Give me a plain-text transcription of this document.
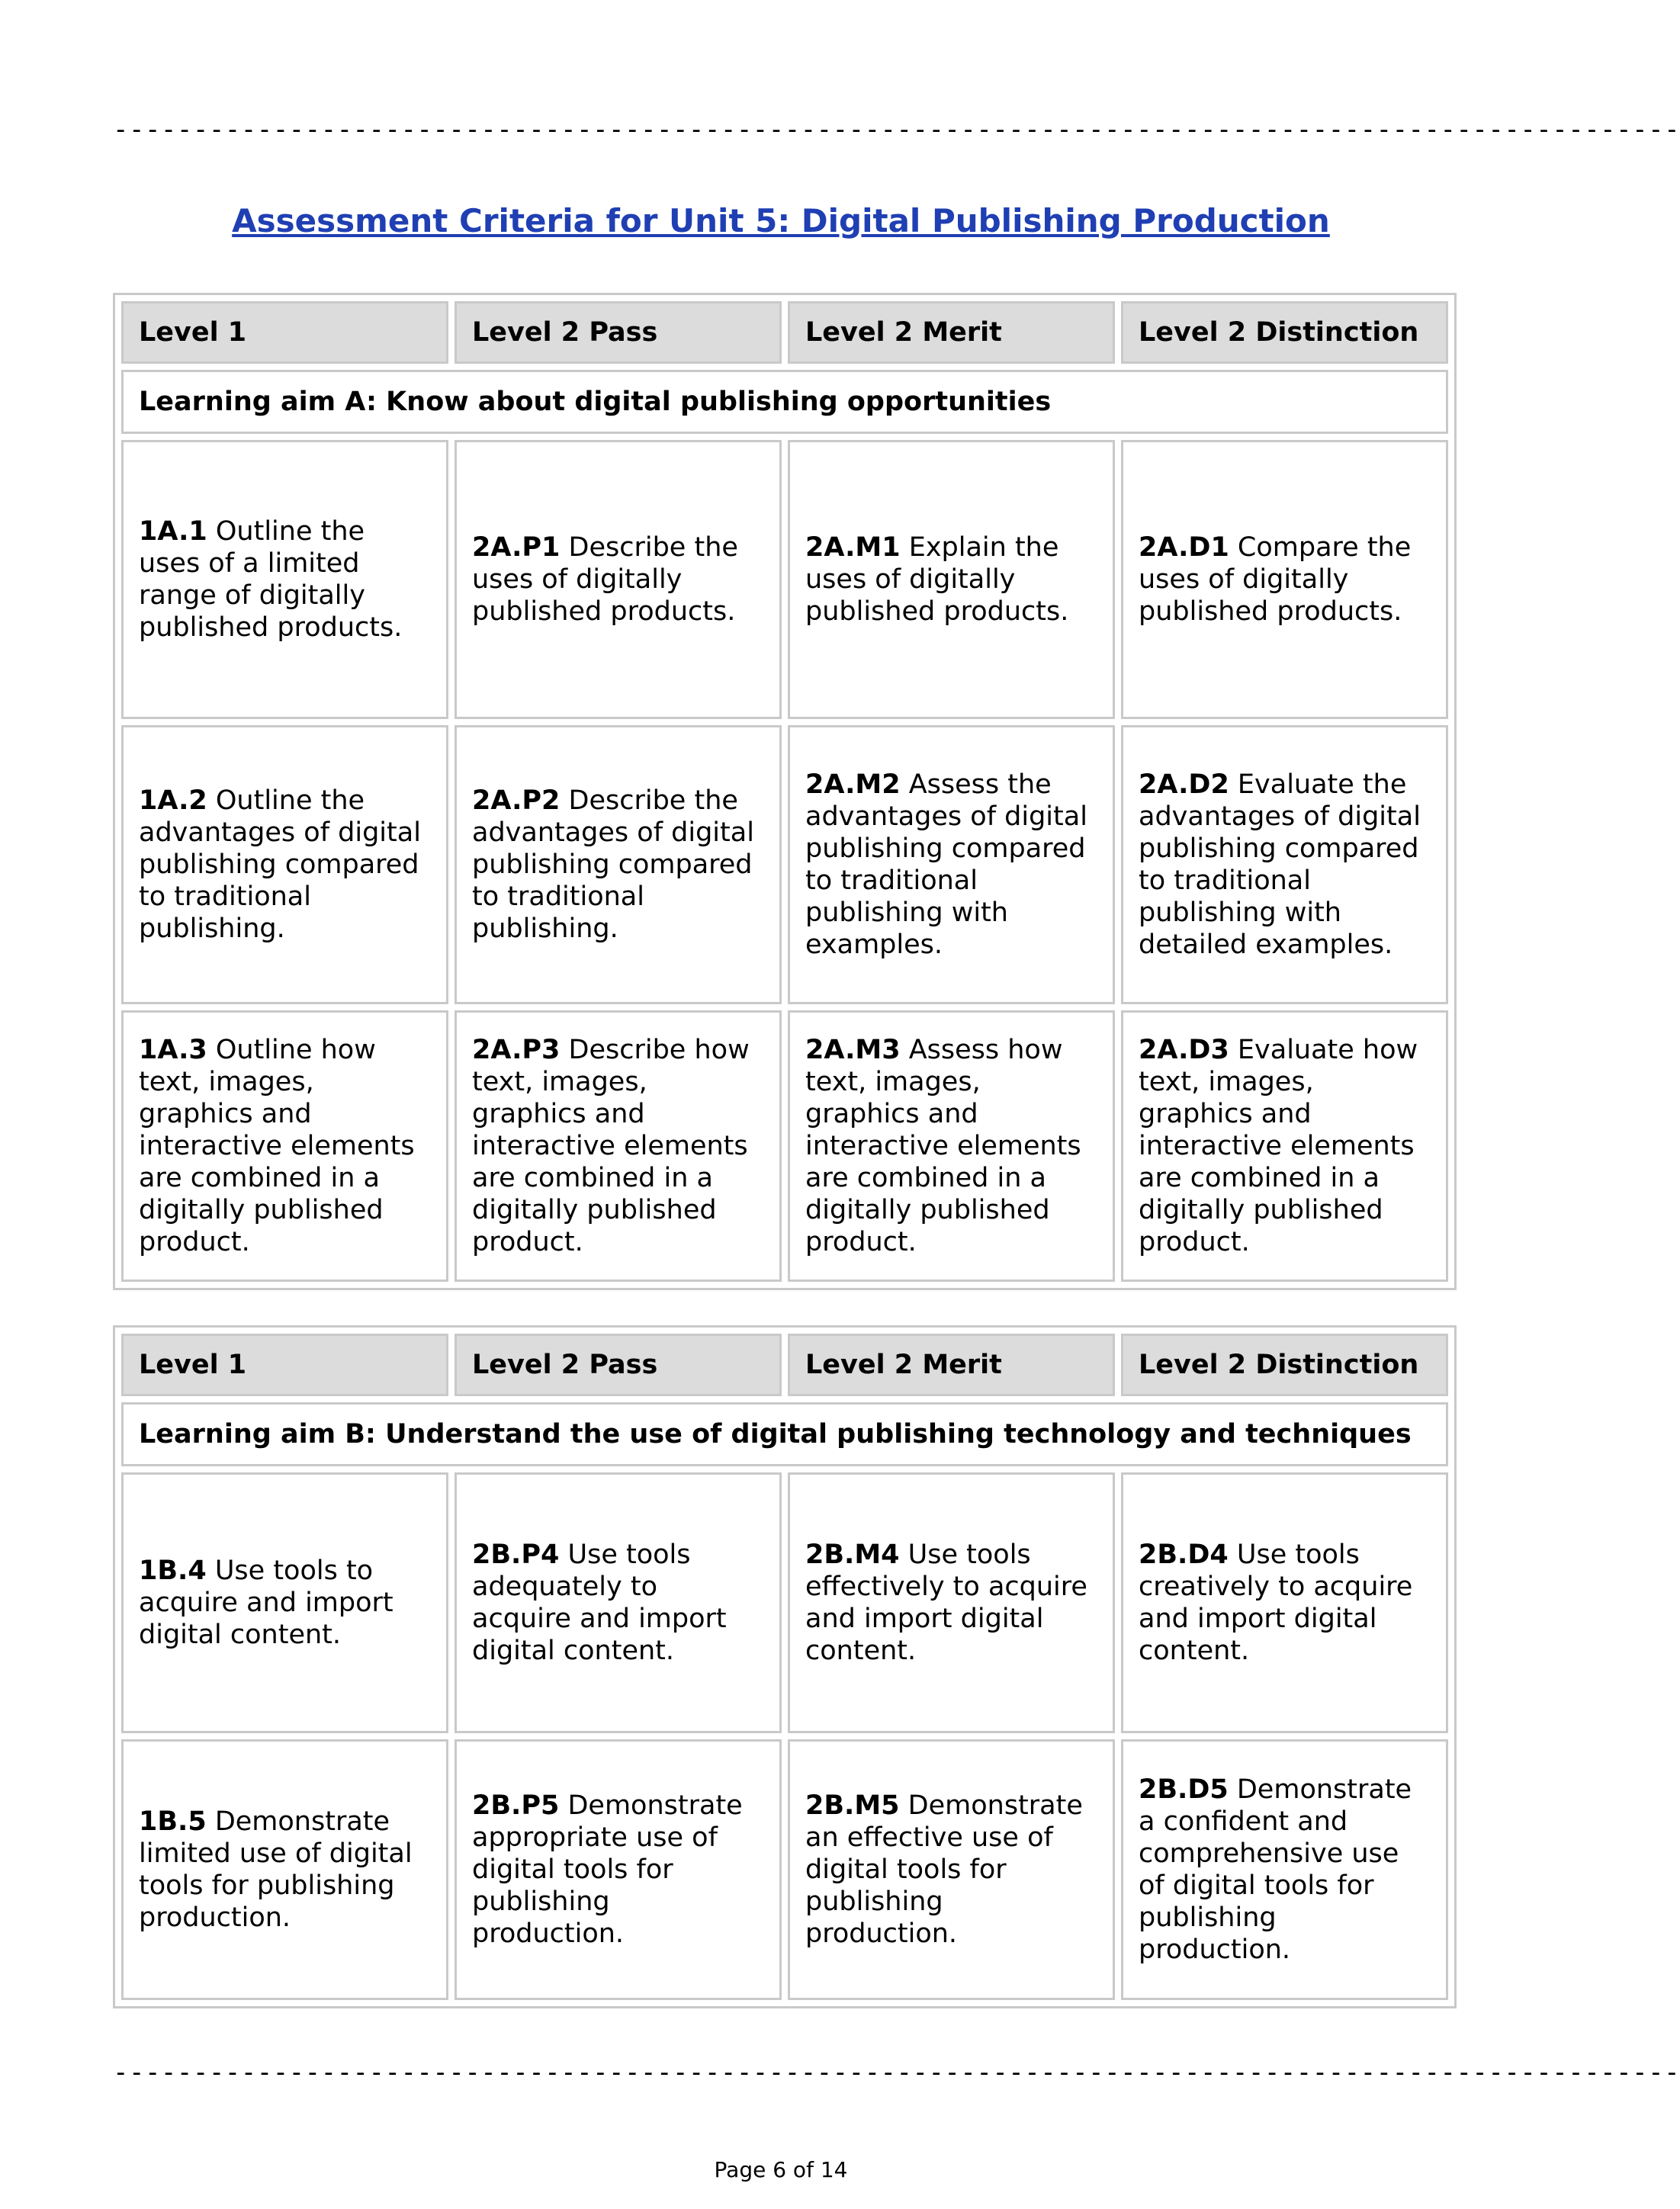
--------------------------------------------------------------------------------------------------
Assessment Criteria for Unit 5: Digital Publishing Production
Level 1	Level 2 Pass	Level 2 Merit	Level 2 Distinction
Learning aim A: Know about digital publishing opportunities			
1A.1 Outline the uses of a limited range of digitally published products.	2A.P1 Describe the uses of digitally published products.	2A.M1 Explain the uses of digitally published products.	2A.D1 Compare the uses of digitally published products.
1A.2 Outline the advantages of digital publishing compared to traditional publishing.	2A.P2 Describe the advantages of digital publishing compared to traditional publishing.	2A.M2 Assess the advantages of digital publishing compared to traditional publishing with examples.	2A.D2 Evaluate the advantages of digital publishing compared to traditional publishing with detailed examples.
1A.3 Outline how text, images, graphics and interactive elements are combined in a digitally published product.	2A.P3 Describe how text, images, graphics and interactive elements are combined in a digitally published product.	2A.M3 Assess how text, images, graphics and interactive elements are combined in a digitally published product.	2A.D3 Evaluate how text, images, graphics and interactive elements are combined in a digitally published product.
Level 1	Level 2 Pass	Level 2 Merit	Level 2 Distinction
Learning aim B: Understand the use of digital publishing technology and techniques			
1B.4 Use tools to acquire and import digital content.	2B.P4 Use tools adequately to acquire and import digital content.	2B.M4 Use tools effectively to acquire and import digital content.	2B.D4 Use tools creatively to acquire and import digital content.
1B.5 Demonstrate limited use of digital tools for publishing production.	2B.P5 Demonstrate appropriate use of digital tools for publishing production.	2B.M5 Demonstrate an effective use of digital tools for publishing production.	2B.D5 Demonstrate a confident and comprehensive use of digital tools for publishing production.
--------------------------------------------------------------------------------------------------
Page 6 of 14
